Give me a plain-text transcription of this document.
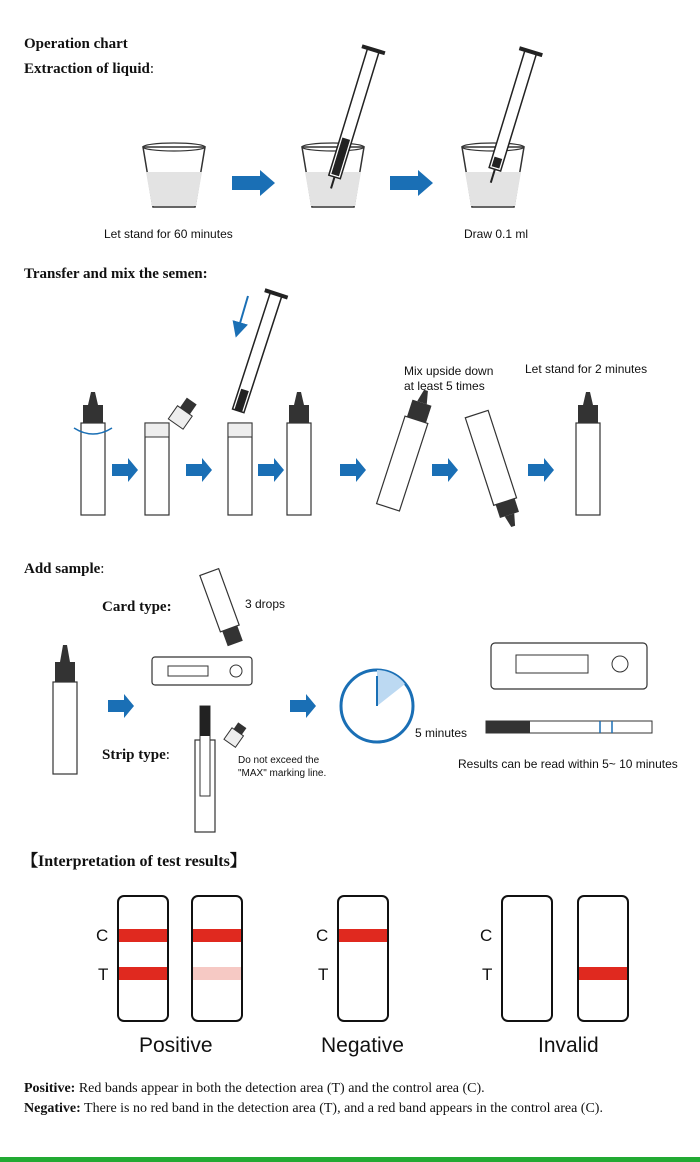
Operation chart
Extraction of liquid:
Let stand for 60 minutes	Draw 0.1 ml
Transfer and mix the semen:
Mix upside down
at least 5 times
Let stand for 2 minutes
Add sample:
Card type:	3 drops
Strip type:	Do not exceed the
"MAX" marking line.
5 minutes
Results can be read within 5~ 10 minutes
【Interpretation of test results】
C
T
C
T
C
T
Positive	Negative	Invalid
Positive: Red bands appear in both the detection area (T) and the control area (C).
Negative: There is no red band in the detection area (T), and a red band appears in the control area (C).
